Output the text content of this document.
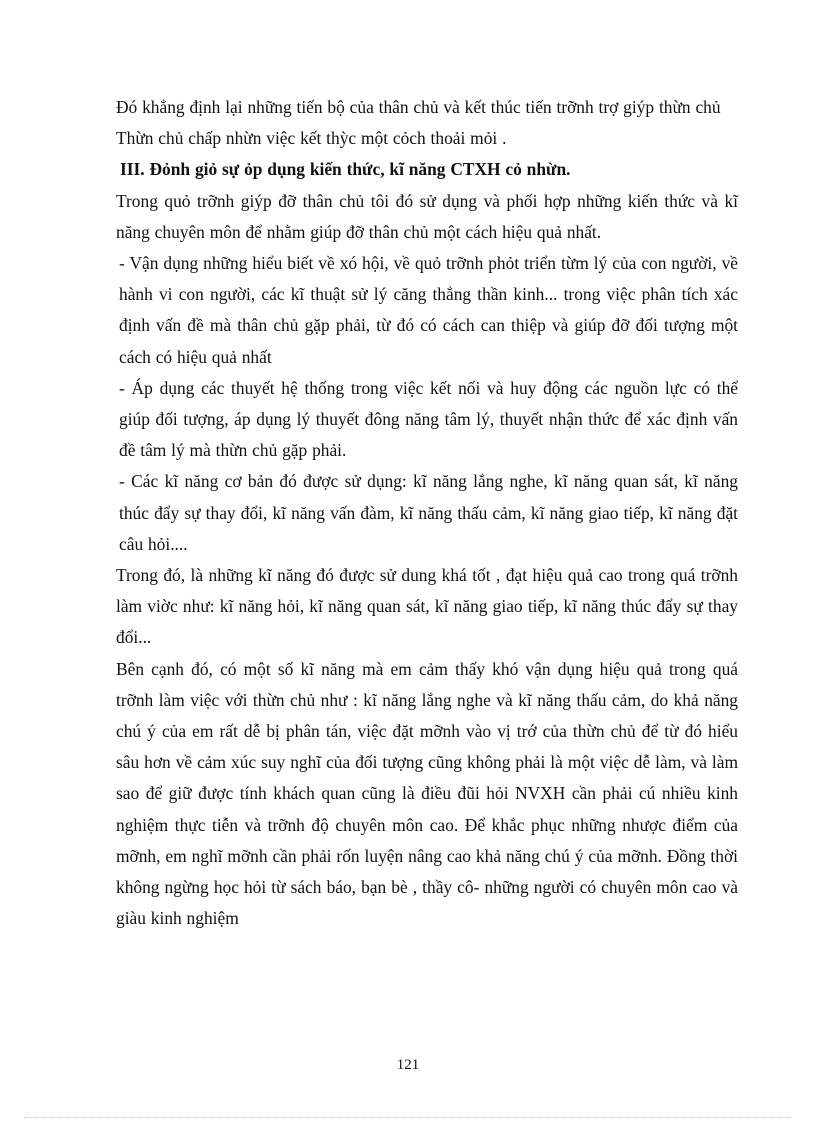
Đó khẳng định lại những tiến bộ của thân chủ và kết thúc tiến trỡnh trợ giýp thừn chủ

Thừn chủ chấp nhừn việc kết thỳc một cỏch thoải mỏi .

III. Đỏnh giỏ sự ỏp dụng kiến thức, kĩ năng CTXH cỏ nhừn.

Trong quỏ trỡnh giýp đỡ thân chủ tôi đó sử dụng và phối hợp những kiến thức và kĩ năng chuyên môn để nhằm giúp đỡ thân chủ một cách hiệu quả nhất.

- Vận dụng những hiểu biết về xó hội, về quỏ trỡnh phỏt triển từm lý của con người, về hành vi con người, các kĩ thuật sử lý căng thẳng thần kinh... trong việc phân tích xác định vấn đề mà thân chủ gặp phải, từ đó có cách can thiệp và giúp đỡ đối tượng một cách có hiệu quả nhất

- Áp dụng các thuyết hệ thống trong việc kết nối và huy động các nguồn lực có thể giúp đối tượng, áp dụng lý thuyết đông năng tâm lý, thuyết nhận thức để xác định vấn đề tâm lý mà thừn chủ gặp phải.

- Các kĩ năng cơ bản đó được sử dụng: kĩ năng lắng nghe, kĩ năng quan sát, kĩ năng thúc đẩy sự thay đổi, kĩ năng vấn đàm, kĩ năng thấu cảm, kĩ năng giao tiếp, kĩ năng đặt câu hỏi....

Trong đó, là những kĩ năng đó được sử dung khá tốt , đạt hiệu quả cao trong quá trỡnh làm viờc như: kĩ năng hỏi, kĩ năng quan sát, kĩ năng giao tiếp, kĩ năng thúc đẩy sự thay đổi...

Bên cạnh đó, có một số kĩ năng mà em cảm thấy khó vận dụng hiệu quả trong quá trỡnh làm việc với thừn chủ như : kĩ năng lắng nghe và kĩ năng thấu cảm, do khả năng chú ý của em rất dễ bị phân tán, việc đặt mỡnh vào vị trớ của thừn chủ để từ đó hiểu sâu hơn về cảm xúc suy nghĩ của đối tượng cũng không phải là một việc dễ làm, và làm sao để giữ được tính khách quan cũng là điều đũi hỏi NVXH cần phải cú nhiều kinh nghiệm thực tiễn và trỡnh độ chuyên môn cao. Để khắc phục những nhược điểm của mỡnh, em nghĩ mỡnh cần phải rốn luyện nâng cao khả năng chú ý của mỡnh. Đồng thời không ngừng học hỏi từ sách báo, bạn bè , thầy cô- những người có chuyên môn cao và giàu kinh nghiệm

121
